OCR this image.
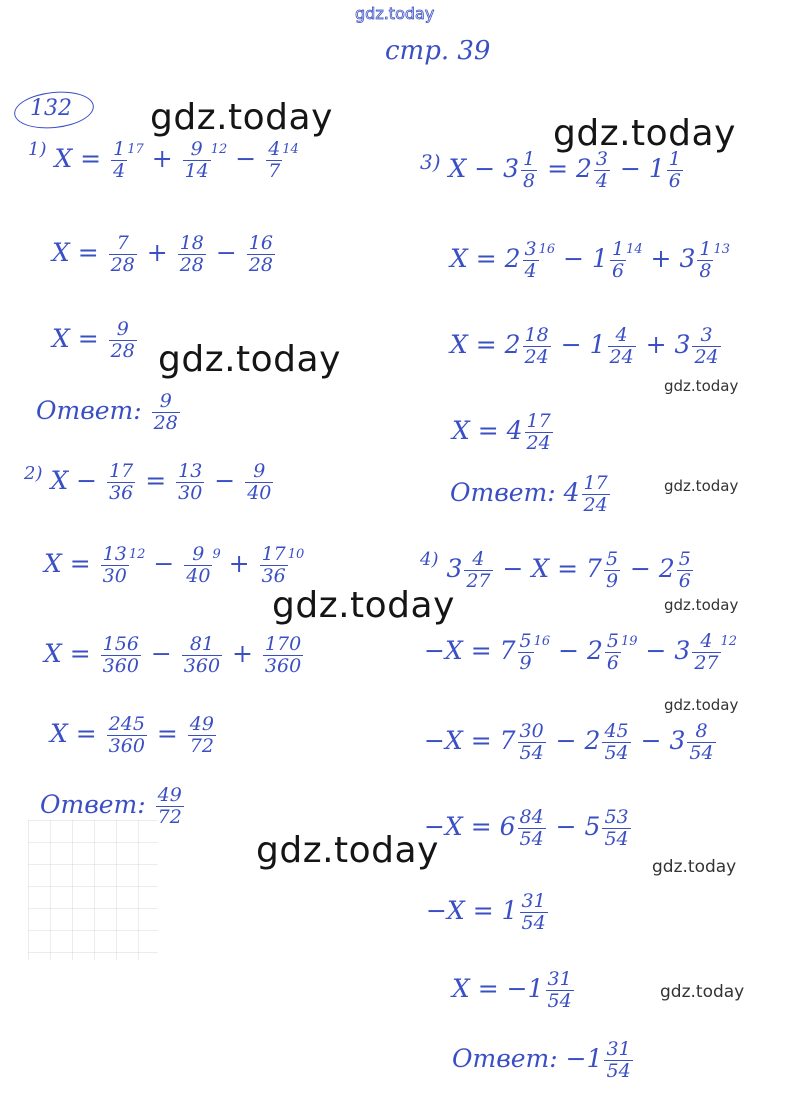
gdz.today
стр. 39
132
$^{1)}$ $X = \frac{1}{4} ^{17} + \frac{9}{14} ^{12} - \frac{4}{7} ^{14}$
$X = \frac{7}{28} + \frac{18}{28} - \frac{16}{28}$
$X = \frac{9}{28}$
Ответ: $\frac{9}{28}$
$^{2)}$ $X - \frac{17}{36} = \frac{13}{30} - \frac{9}{40}$
$X = \frac{13}{30} ^{12} - \frac{9}{40} ^9 + \frac{17}{36} ^{10}$
$X = \frac{156}{360} - \frac{81}{360} + \frac{170}{360}$
$X = \frac{245}{360} = \frac{49}{72}$
Ответ: $\frac{49}{72}$
$^{3)}$ $X - 3 \frac{1}{8} = 2 \frac{3}{4} - 1 \frac{1}{6}$
$X = 2 \frac{3}{4} ^{16} - 1 \frac{1}{6} ^{14} + 3 \frac{1}{8} ^{13}$
$X = 2 \frac{18}{24} - 1 \frac{4}{24} + 3 \frac{3}{24}$
$X = 4 \frac{17}{24}$
Ответ: $4 \frac{17}{24}$
$^{4)}$ $3 \frac{4}{27} - X = 7 \frac{5}{9} - 2 \frac{5}{6}$
$-X = 7 \frac{5}{9} ^{16} - 2 \frac{5}{6} ^{19} - 3 \frac{4}{27} ^{12}$
$-X = 7 \frac{30}{54} - 2 \frac{45}{54} - 3 \frac{8}{54}$
$-X = 6 \frac{84}{54} - 5 \frac{53}{54}$
$-X = 1 \frac{31}{54}$
$X = -1 \frac{31}{54}$
Ответ: $-1 \frac{31}{54}$
gdz.today	gdz.today
gdz.today
gdz.today
gdz.today
gdz.today
gdz.today
gdz.today
gdz.today
gdz.today
gdz.today
